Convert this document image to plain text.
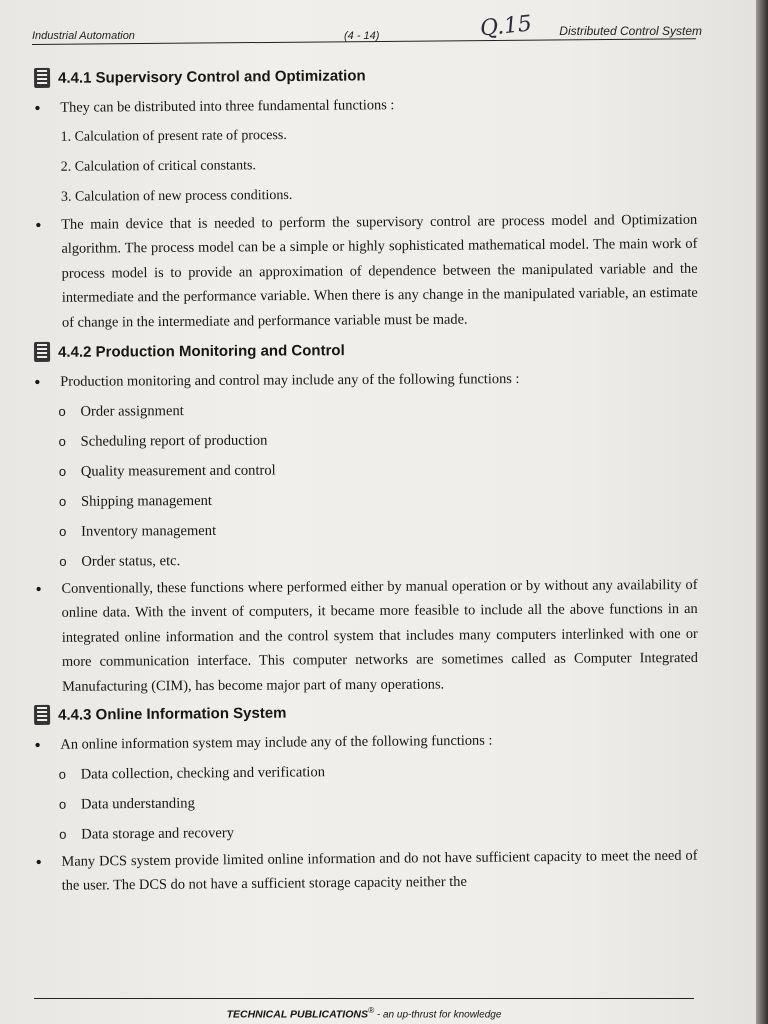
Industrial Automation	(4 - 14)	Q.15 Distributed Control System
4.4.1 Supervisory Control and Optimization
• They can be distributed into three fundamental functions :
1. Calculation of present rate of process.
2. Calculation of critical constants.
3. Calculation of new process conditions.
• The main device that is needed to perform the supervisory control are process model and Optimization algorithm. The process model can be a simple or highly sophisticated mathematical model. The main work of process model is to provide an approximation of dependence between the manipulated variable and the intermediate and the performance variable. When there is any change in the manipulated variable, an estimate of change in the intermediate and performance variable must be made.
4.4.2 Production Monitoring and Control
• Production monitoring and control may include any of the following functions :
o Order assignment
o Scheduling report of production
o Quality measurement and control
o Shipping management
o Inventory management
o Order status, etc.
• Conventionally, these functions where performed either by manual operation or by without any availability of online data. With the invent of computers, it became more feasible to include all the above functions in an integrated online information and the control system that includes many computers interlinked with one or more communication interface. This computer networks are sometimes called as Computer Integrated Manufacturing (CIM), has become major part of many operations.
4.4.3 Online Information System
• An online information system may include any of the following functions :
o Data collection, checking and verification
o Data understanding
o Data storage and recovery
• Many DCS system provide limited online information and do not have sufficient capacity to meet the need of the user. The DCS do not have a sufficient storage capacity neither the
TECHNICAL PUBLICATIONS® - an up-thrust for knowledge
